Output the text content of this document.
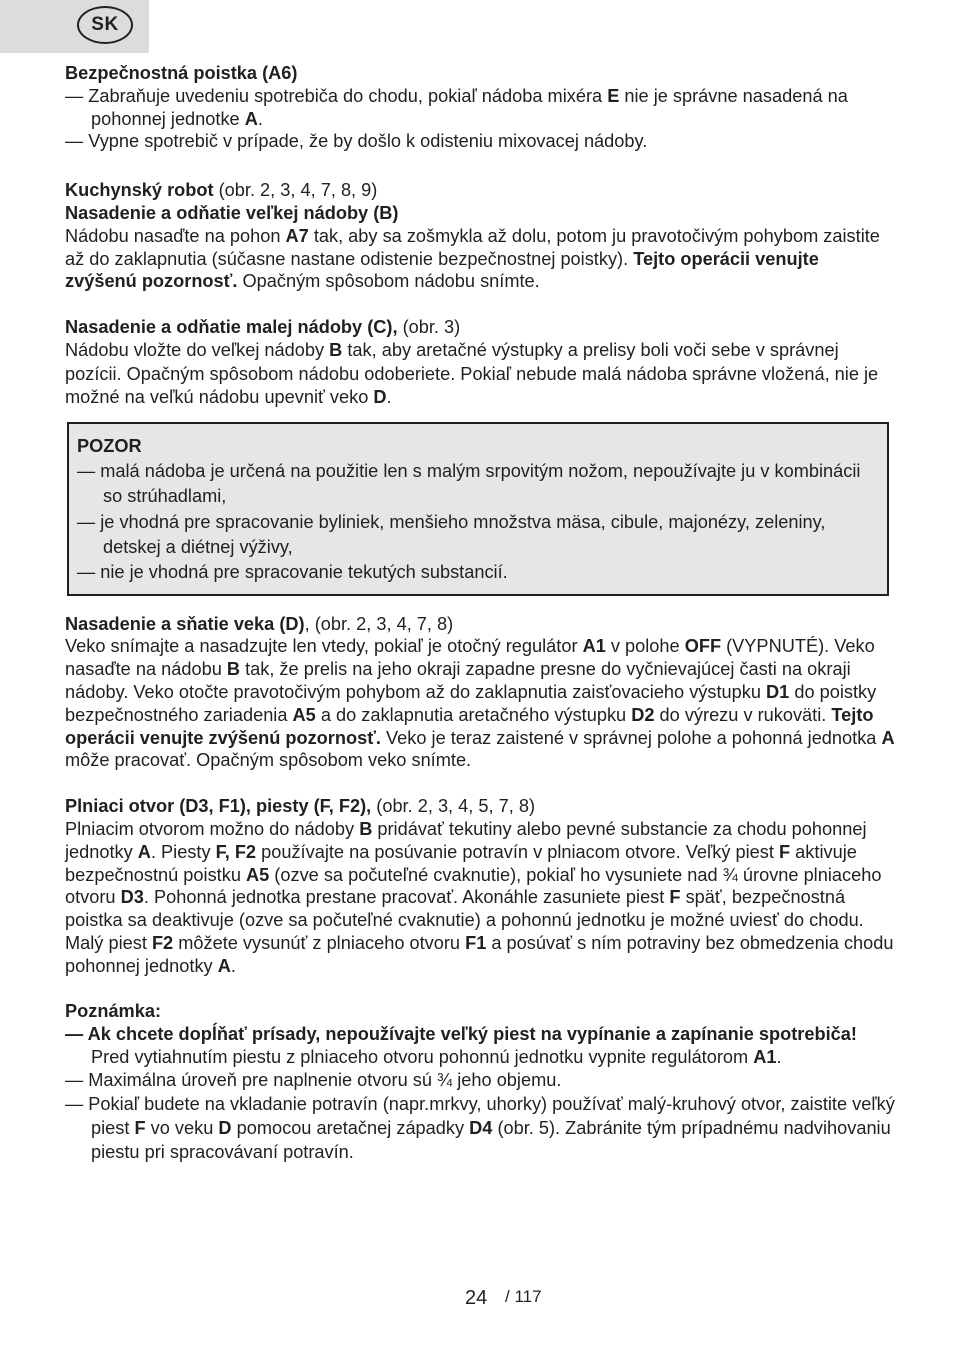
SK

Bezpečnostná poistka (A6)

— Zabraňuje uvedeniu spotrebiča do chodu, pokiaľ nádoba mixéra E nie je správne nasadená na pohonnej jednotke A.

— Vypne spotrebič v prípade, že by došlo k odisteniu mixovacej nádoby.

Kuchynský robot (obr. 2, 3, 4, 7, 8, 9)

Nasadenie a odňatie veľkej nádoby (B)

Nádobu nasaďte na pohon A7 tak, aby sa zošmykla až dolu, potom ju pravotočivým pohybom zaistite až do zaklapnutia (súčasne nastane odistenie bezpečnostnej poistky). Tejto operácii venujte zvýšenú pozornosť. Opačným spôsobom nádobu snímte.

Nasadenie a odňatie malej nádoby (C), (obr. 3)

Nádobu vložte do veľkej nádoby B tak, aby aretačné výstupky a prelisy boli voči sebe v správnej pozícii. Opačným spôsobom nádobu odoberiete. Pokiaľ nebude malá nádoba správne vložená, nie je možné na veľkú nádobu upevniť veko D.

POZOR

— malá nádoba je určená na použitie len s malým srpovitým nožom, nepoužívajte ju v kombinácii so strúhadlami,

— je vhodná pre spracovanie byliniek, menšieho množstva mäsa, cibule, majonézy, zeleniny, detskej a diétnej výživy,

— nie je vhodná pre spracovanie tekutých substancií.

Nasadenie a sňatie veka (D), (obr. 2, 3, 4, 7, 8)

Veko snímajte a nasadzujte len vtedy, pokiaľ je otočný regulátor A1 v polohe OFF (VYPNUTÉ). Veko nasaďte na nádobu B tak, že prelis na jeho okraji zapadne presne do vyčnievajúcej časti na okraji nádoby. Veko otočte pravotočivým pohybom až do zaklapnutia zaisťovacieho výstupku D1 do poistky bezpečnostného zariadenia A5 a do zaklapnutia aretačného výstupku D2 do výrezu v rukoväti. Tejto operácii venujte zvýšenú pozornosť. Veko je teraz zaistené v správnej polohe a pohonná jednotka A môže pracovať. Opačným spôsobom veko snímte.

Plniaci otvor (D3, F1), piesty (F, F2), (obr. 2, 3, 4, 5, 7, 8)

Plniacim otvorom možno do nádoby B pridávať tekutiny alebo pevné substancie za chodu pohonnej jednotky A. Piesty F, F2 používajte na posúvanie potravín v plniacom otvore. Veľký piest F aktivuje bezpečnostnú poistku A5 (ozve sa počuteľné cvaknutie), pokiaľ ho vysuniete nad ¾ úrovne plniaceho otvoru D3. Pohonná jednotka prestane pracovať. Akonáhle zasuniete piest F späť, bezpečnostná poistka sa deaktivuje (ozve sa počuteľné cvaknutie) a pohonnú jednotku je možné uviesť do chodu.

Malý piest F2 môžete vysunúť z plniaceho otvoru F1 a posúvať s ním potraviny bez obmedzenia chodu pohonnej jednotky A.

Poznámka:

— Ak chcete dopĺňať prísady, nepoužívajte veľký piest na vypínanie a zapínanie spotrebiča! Pred vytiahnutím piestu z plniaceho otvoru pohonnú jednotku vypnite regulátorom A1.

— Maximálna úroveň pre naplnenie otvoru sú ¾ jeho objemu.

— Pokiaľ budete na vkladanie potravín (napr.mrkvy, uhorky) používať malý-kruhový otvor, zaistite veľký piest F vo veku D pomocou aretačnej západky D4 (obr. 5). Zabránite tým prípadnému nadvihovaniu piestu pri spracovávaní potravín.

24 / 117
